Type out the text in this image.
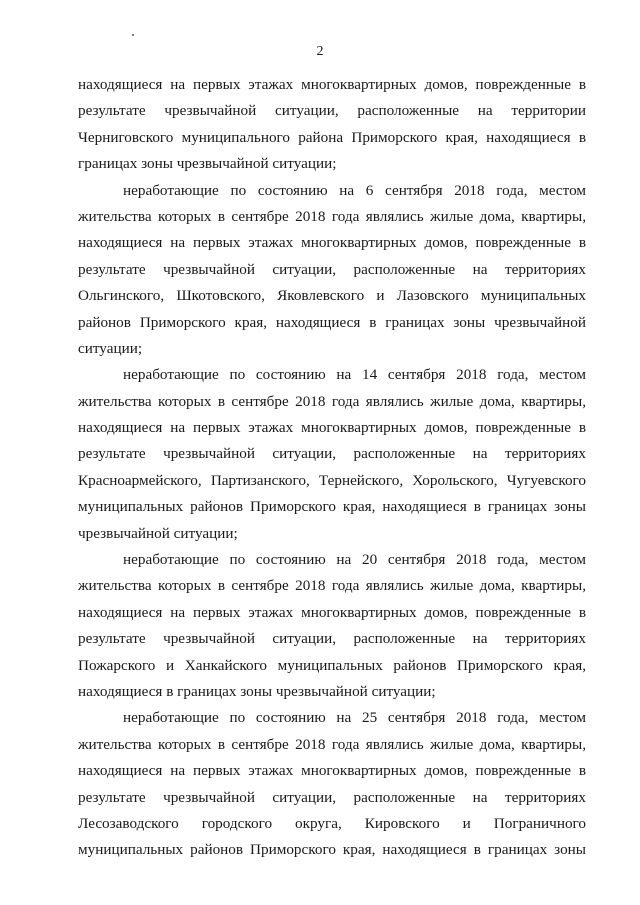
2
находящиеся на первых этажах многоквартирных домов, поврежденные в
результате чрезвычайной ситуации, расположенные на территории
Черниговского муниципального района Приморского края, находящиеся в
границах зоны чрезвычайной ситуации;
неработающие по состоянию на 6 сентября 2018 года, местом
жительства которых в сентябре 2018 года являлись жилые дома, квартиры,
находящиеся на первых этажах многоквартирных домов, поврежденные в
результате чрезвычайной ситуации, расположенные на территориях
Ольгинского, Шкотовского, Яковлевского и Лазовского муниципальных
районов Приморского края, находящиеся в границах зоны чрезвычайной
ситуации;
неработающие по состоянию на 14 сентября 2018 года, местом
жительства которых в сентябре 2018 года являлись жилые дома, квартиры,
находящиеся на первых этажах многоквартирных домов, поврежденные в
результате чрезвычайной ситуации, расположенные на территориях
Красноармейского, Партизанского, Тернейского, Хорольского, Чугуевского
муниципальных районов Приморского края, находящиеся в границах зоны
чрезвычайной ситуации;
неработающие по состоянию на 20 сентября 2018 года, местом
жительства которых в сентябре 2018 года являлись жилые дома, квартиры,
находящиеся на первых этажах многоквартирных домов, поврежденные в
результате чрезвычайной ситуации, расположенные на территориях
Пожарского и Ханкайского муниципальных районов Приморского края,
находящиеся в границах зоны чрезвычайной ситуации;
неработающие по состоянию на 25 сентября 2018 года, местом
жительства которых в сентябре 2018 года являлись жилые дома, квартиры,
находящиеся на первых этажах многоквартирных домов, поврежденные в
результате чрезвычайной ситуации, расположенные на территориях
Лесозаводского городского округа, Кировского и Пограничного
муниципальных районов Приморского края, находящиеся в границах зоны
